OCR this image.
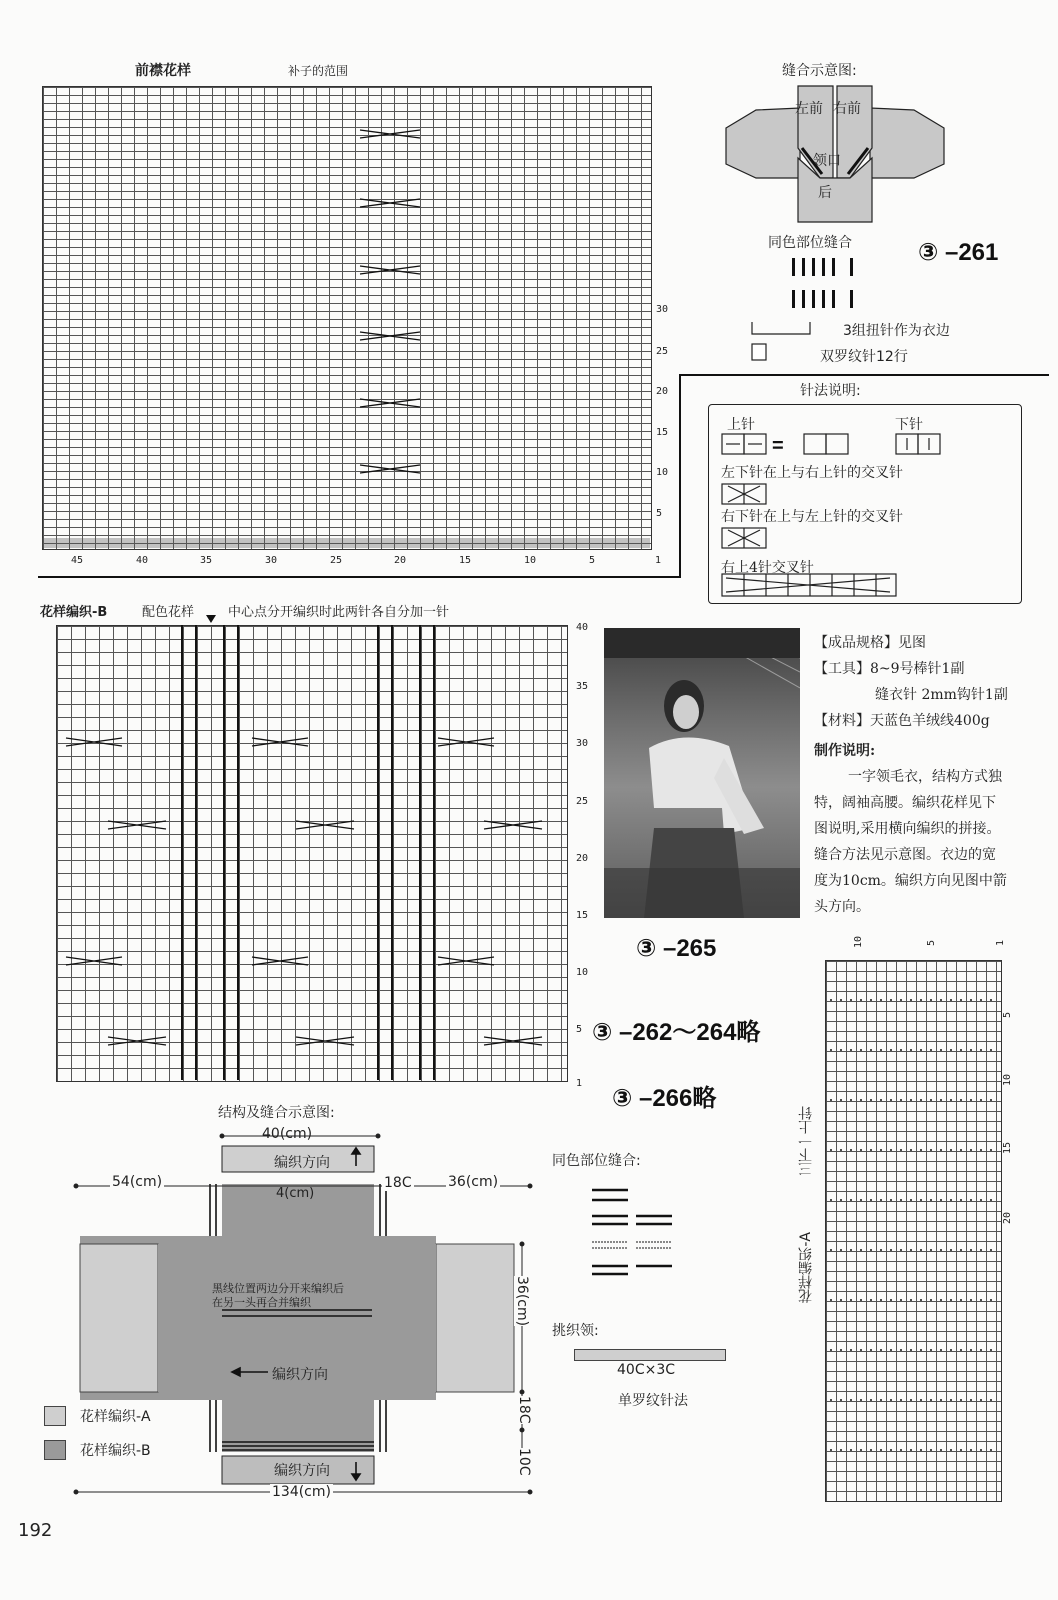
前襟花样	补子的范围
30
25
20
15
10
5
45	40	35	30	25	20	15	10	5	1
缝合示意图:
左前 右前
领口
后
同色部位缝合	③ –261
3组扭针作为衣边
双罗纹针12行
针法说明:
上针	下针
=
左下针在上与右上针的交叉针
右下针在上与左上针的交叉针
右上4针交叉针
花样编织-B	配色花样	中心点分开编织时此两针各自分加一针
40
35
30
25
20
15
10
5
1
【成品规格】见图
【工具】8~9号棒针1副
缝衣针 2mm钩针1副
【材料】天蓝色羊绒线400g
制作说明:
一字领毛衣，结构方式独
特，阔袖高腰。编织花样见下
图说明,采用横向编织的拼接。
缝合方法见示意图。衣边的宽
度为10cm。编织方向见图中箭
头方向。
③ –265
③ –262～264略
③ –266略
10	5	1
5
10
15
20
三下一上针
花样编织-A
结构及缝合示意图:
40(cm)
编织方向
54(cm)
4(cm)
18C	36(cm)
36(cm)
黑线位置两边分开来编织后
在另一头再合并编织
编织方向
18C
10C
编织方向
134(cm)
花样编织-A
花样编织-B
同色部位缝合:
挑织领:
40C×3C
单罗纹针法
192
